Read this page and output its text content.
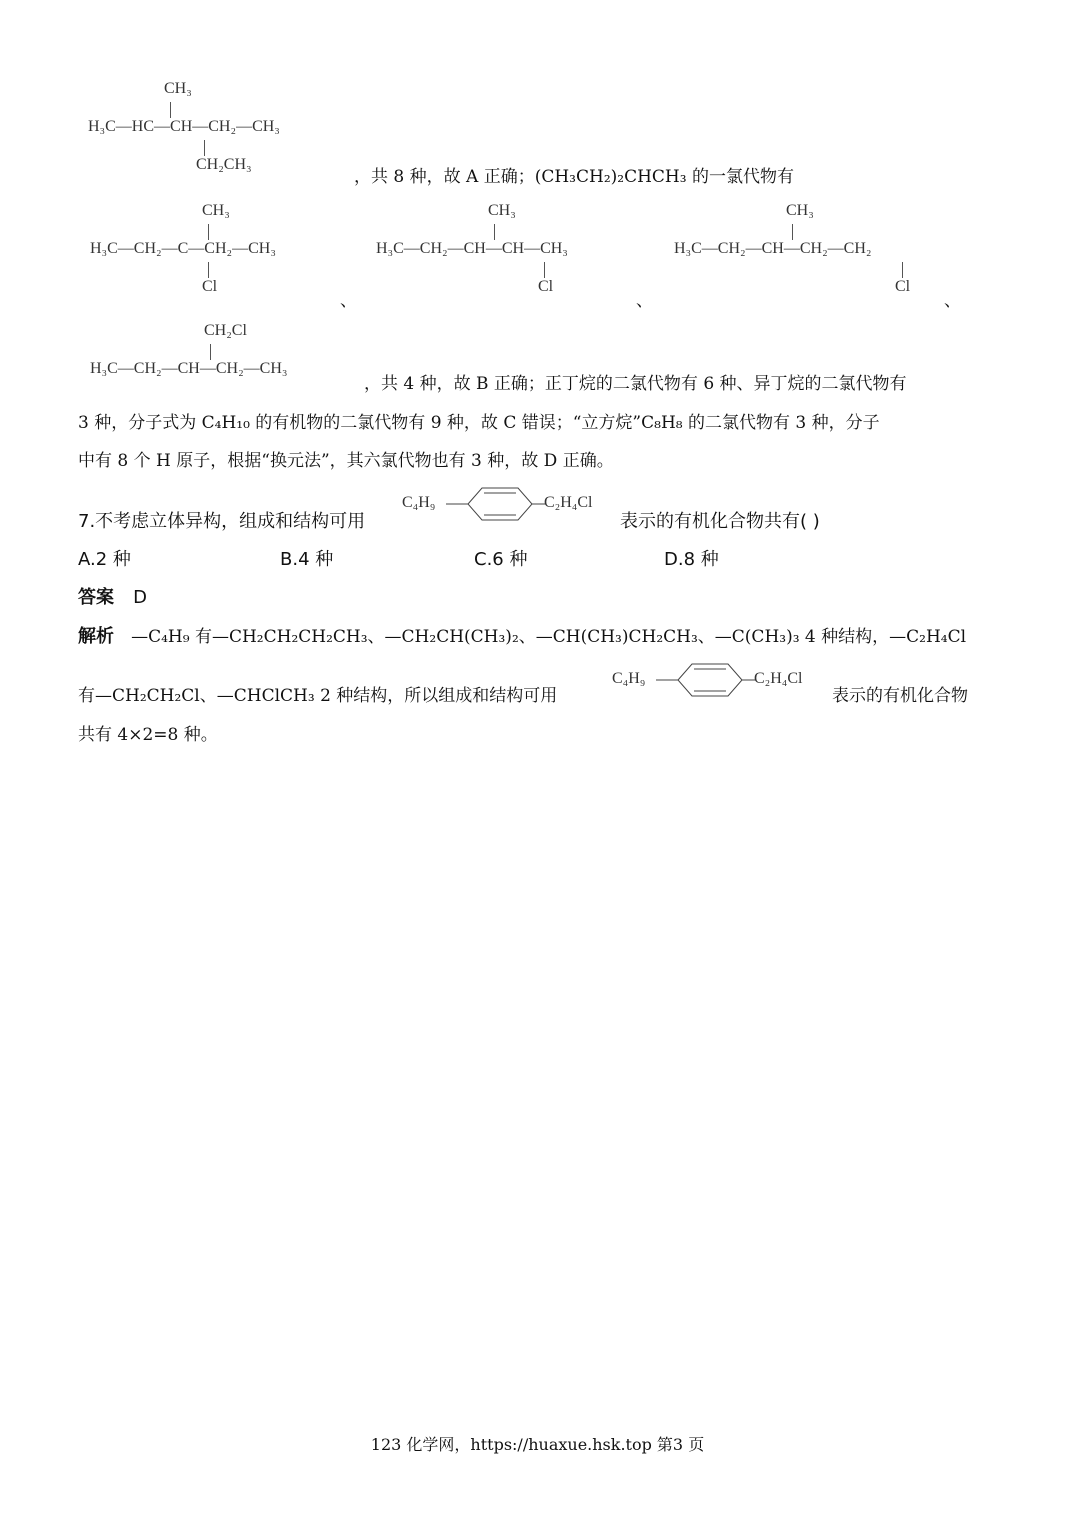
CH₃
H₃C—HC—CH—CH₂—CH₃
CH₂CH₃
，共 8 种，故 A 正确；(CH₃CH₂)₂CHCH₃ 的一氯代物有
CH₃
H₃C—CH₂—C—CH₂—CH₃
Cl
、
CH₃
H₃C—CH₂—CH—CH—CH₃
Cl
、
CH₃
H₃C—CH₂—CH—CH₂—CH₂
Cl
、
CH₂Cl
H₃C—CH₂—CH—CH₂—CH₃
，共 4 种，故 B 正确；正丁烷的二氯代物有 6 种、异丁烷的二氯代物有
3 种，分子式为 C₄H₁₀ 的有机物的二氯代物有 9 种，故 C 错误；“立方烷”C₈H₈ 的二氯代物有 3 种，分子
中有 8 个 H 原子，根据“换元法”，其六氯代物也有 3 种，故 D 正确。
7.不考虑立体异构，组成和结构可用
C₄H₉	C₂H₄Cl
表示的有机化合物共有( )
A.2 种	B.4 种	C.6 种	D.8 种
答案 D
解析 —C₄H₉ 有—CH₂CH₂CH₂CH₃、—CH₂CH(CH₃)₂、—CH(CH₃)CH₂CH₃、—C(CH₃)₃ 4 种结构，—C₂H₄Cl
有—CH₂CH₂Cl、—CHClCH₃ 2 种结构，所以组成和结构可用
C₄H₉	C₂H₄Cl
表示的有机化合物
共有 4×2=8 种。
123 化学网，https://huaxue.hsk.top 第3 页
